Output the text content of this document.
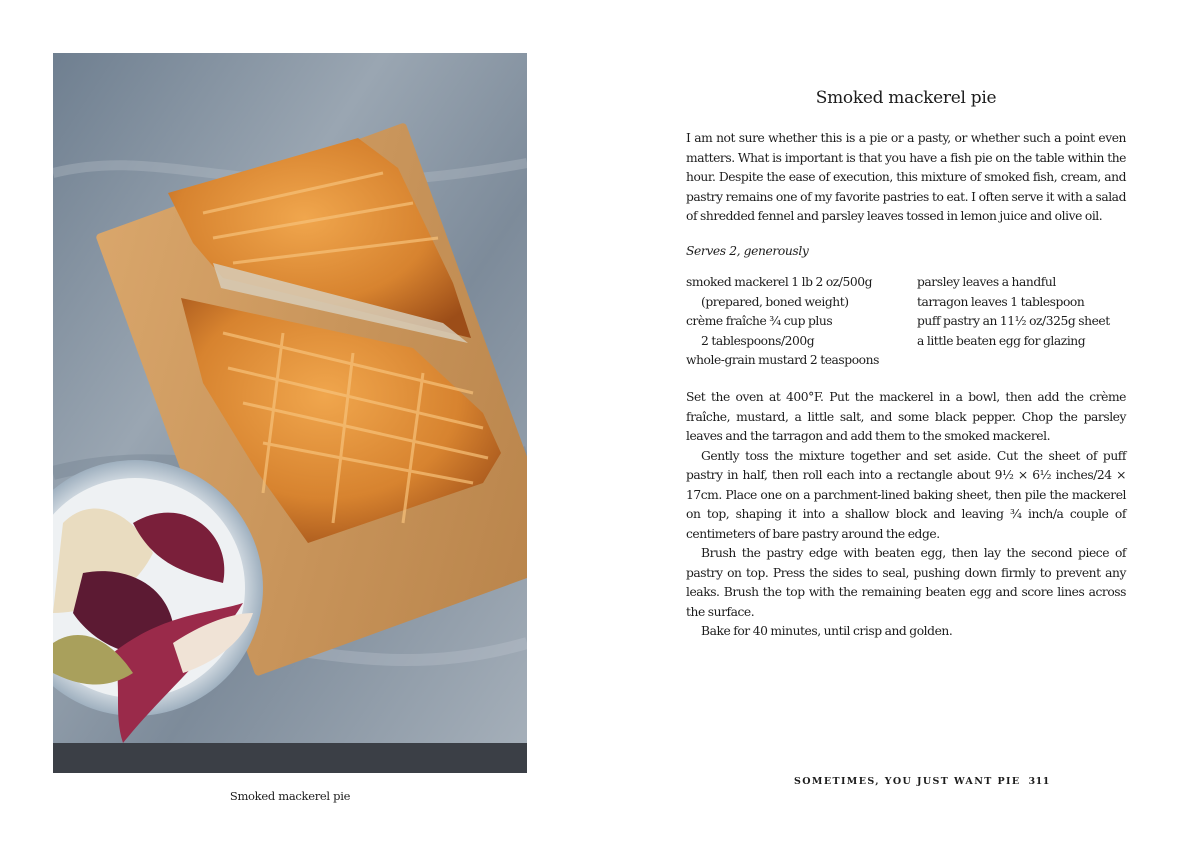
Smoked mackerel pie
Smoked mackerel pie

I am not sure whether this is a pie or a pasty, or whether such a point even matters. What is important is that you have a fish pie on the table within the hour. Despite the ease of execution, this mixture of smoked fish, cream, and pastry remains one of my favorite pastries to eat. I often serve it with a salad of shredded fennel and parsley leaves tossed in lemon juice and olive oil.

Serves 2, generously
smoked mackerel 1 lb 2 oz/500g
(prepared, boned weight)
crème fraîche ¾ cup plus
2 tablespoons/200g
whole-grain mustard 2 teaspoons
parsley leaves a handful
tarragon leaves 1 tablespoon
puff pastry an 11½ oz/325g sheet
a little beaten egg for glazing

Set the oven at 400°F. Put the mackerel in a bowl, then add the crème fraîche, mustard, a little salt, and some black pepper. Chop the parsley leaves and the tarragon and add them to the smoked mackerel.

Gently toss the mixture together and set aside. Cut the sheet of puff pastry in half, then roll each into a rectangle about 9½ × 6½ inches/24 × 17cm. Place one on a parchment-lined baking sheet, then pile the mackerel on top, shaping it into a shallow block and leaving ¾ inch/a couple of centimeters of bare pastry around the edge.

Brush the pastry edge with beaten egg, then lay the second piece of pastry on top. Press the sides to seal, pushing down firmly to prevent any leaks. Brush the top with the remaining beaten egg and score lines across the surface.

Bake for 40 minutes, until crisp and golden.

SOMETIMES, YOU JUST WANT PIE 311
